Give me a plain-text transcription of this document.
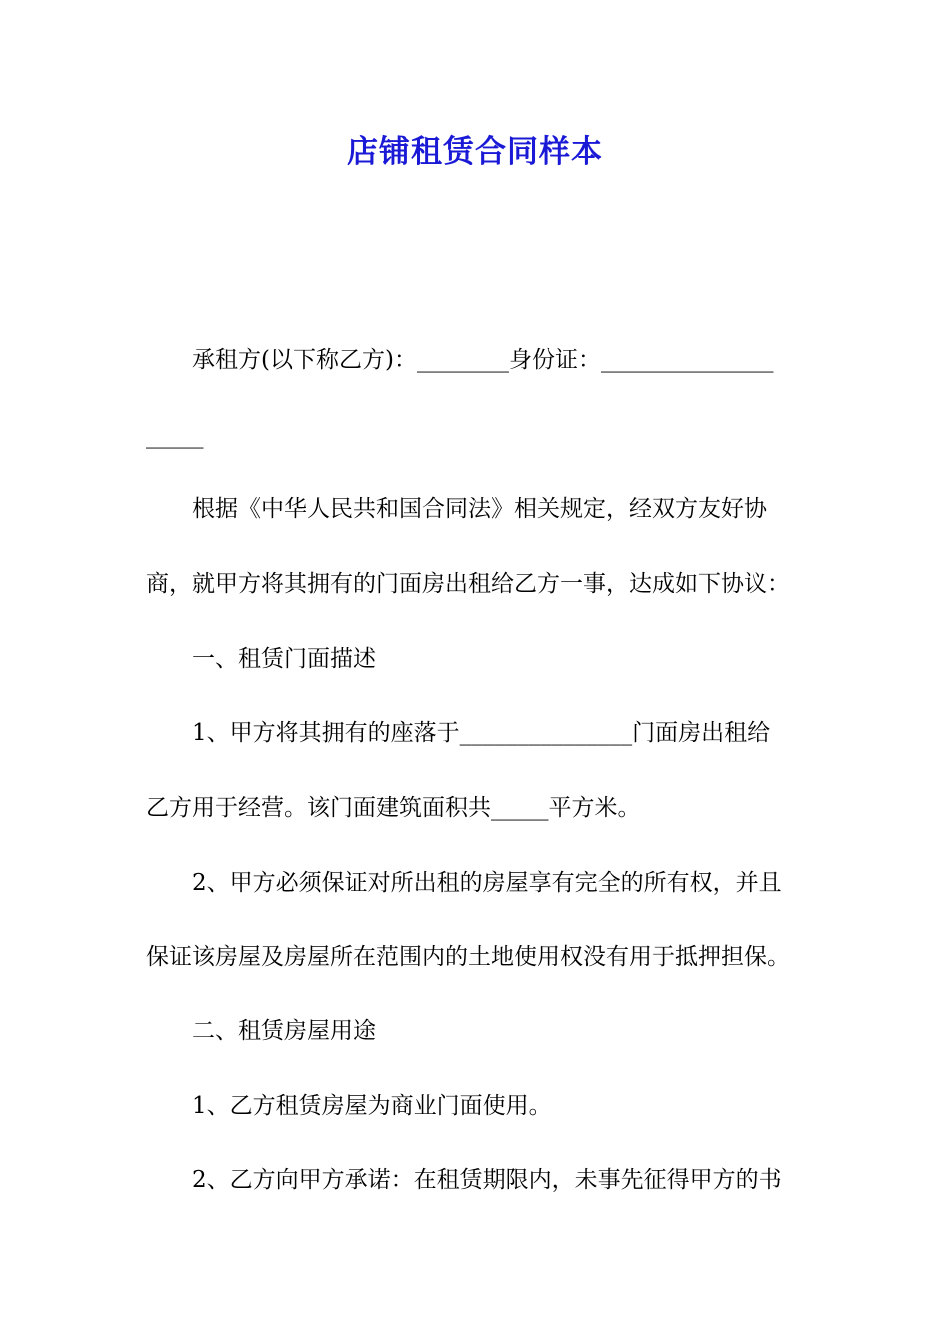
店铺租赁合同样本
承租方(以下称乙方)：________身份证：_______________
_____
根据《中华人民共和国合同法》相关规定，经双方友好协
商，就甲方将其拥有的门面房出租给乙方一事，达成如下协议：
一、租赁门面描述
1、甲方将其拥有的座落于_______________门面房出租给
乙方用于经营。该门面建筑面积共_____平方米。
2、甲方必须保证对所出租的房屋享有完全的所有权，并且
保证该房屋及房屋所在范围内的土地使用权没有用于抵押担保。
二、租赁房屋用途
1、乙方租赁房屋为商业门面使用。
2、乙方向甲方承诺：在租赁期限内，未事先征得甲方的书
